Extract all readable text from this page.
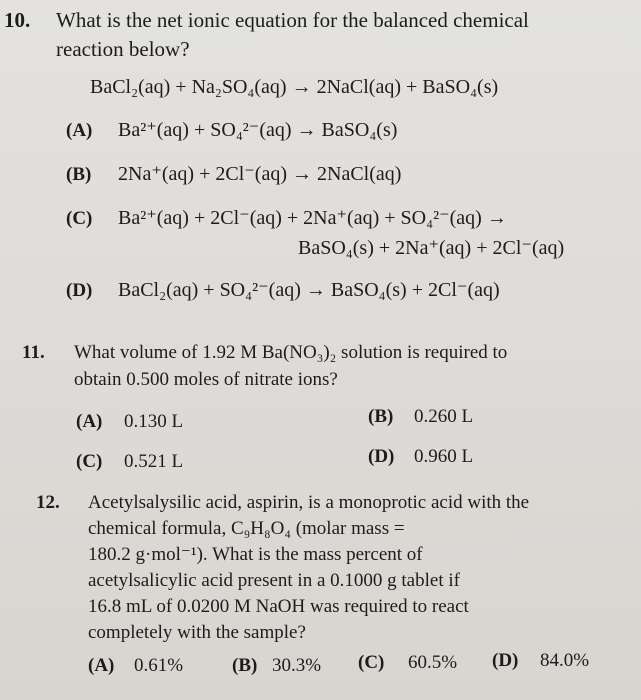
10. What is the net ionic equation for the balanced chemical
reaction below?
BaCl₂(aq) + Na₂SO₄(aq) → 2NaCl(aq) + BaSO₄(s)
(A) Ba²⁺(aq) + SO₄²⁻(aq) → BaSO₄(s)
(B) 2Na⁺(aq) + 2Cl⁻(aq) → 2NaCl(aq)
(C) Ba²⁺(aq) + 2Cl⁻(aq) + 2Na⁺(aq) + SO₄²⁻(aq) →
BaSO₄(s) + 2Na⁺(aq) + 2Cl⁻(aq)
(D) BaCl₂(aq) + SO₄²⁻(aq) → BaSO₄(s) + 2Cl⁻(aq)
11. What volume of 1.92 M Ba(NO₃)₂ solution is required to
obtain 0.500 moles of nitrate ions?
(A) 0.130 L	(B) 0.260 L
(C) 0.521 L	(D) 0.960 L
12. Acetylsalysilic acid, aspirin, is a monoprotic acid with the
chemical formula, C₉H₈O₄ (molar mass =
180.2 g·mol⁻¹). What is the mass percent of
acetylsalicylic acid present in a 0.1000 g tablet if
16.8 mL of 0.0200 M NaOH was required to react
completely with the sample?
(A) 0.61%	(B) 30.3% (C) 60.5% (D) 84.0%
